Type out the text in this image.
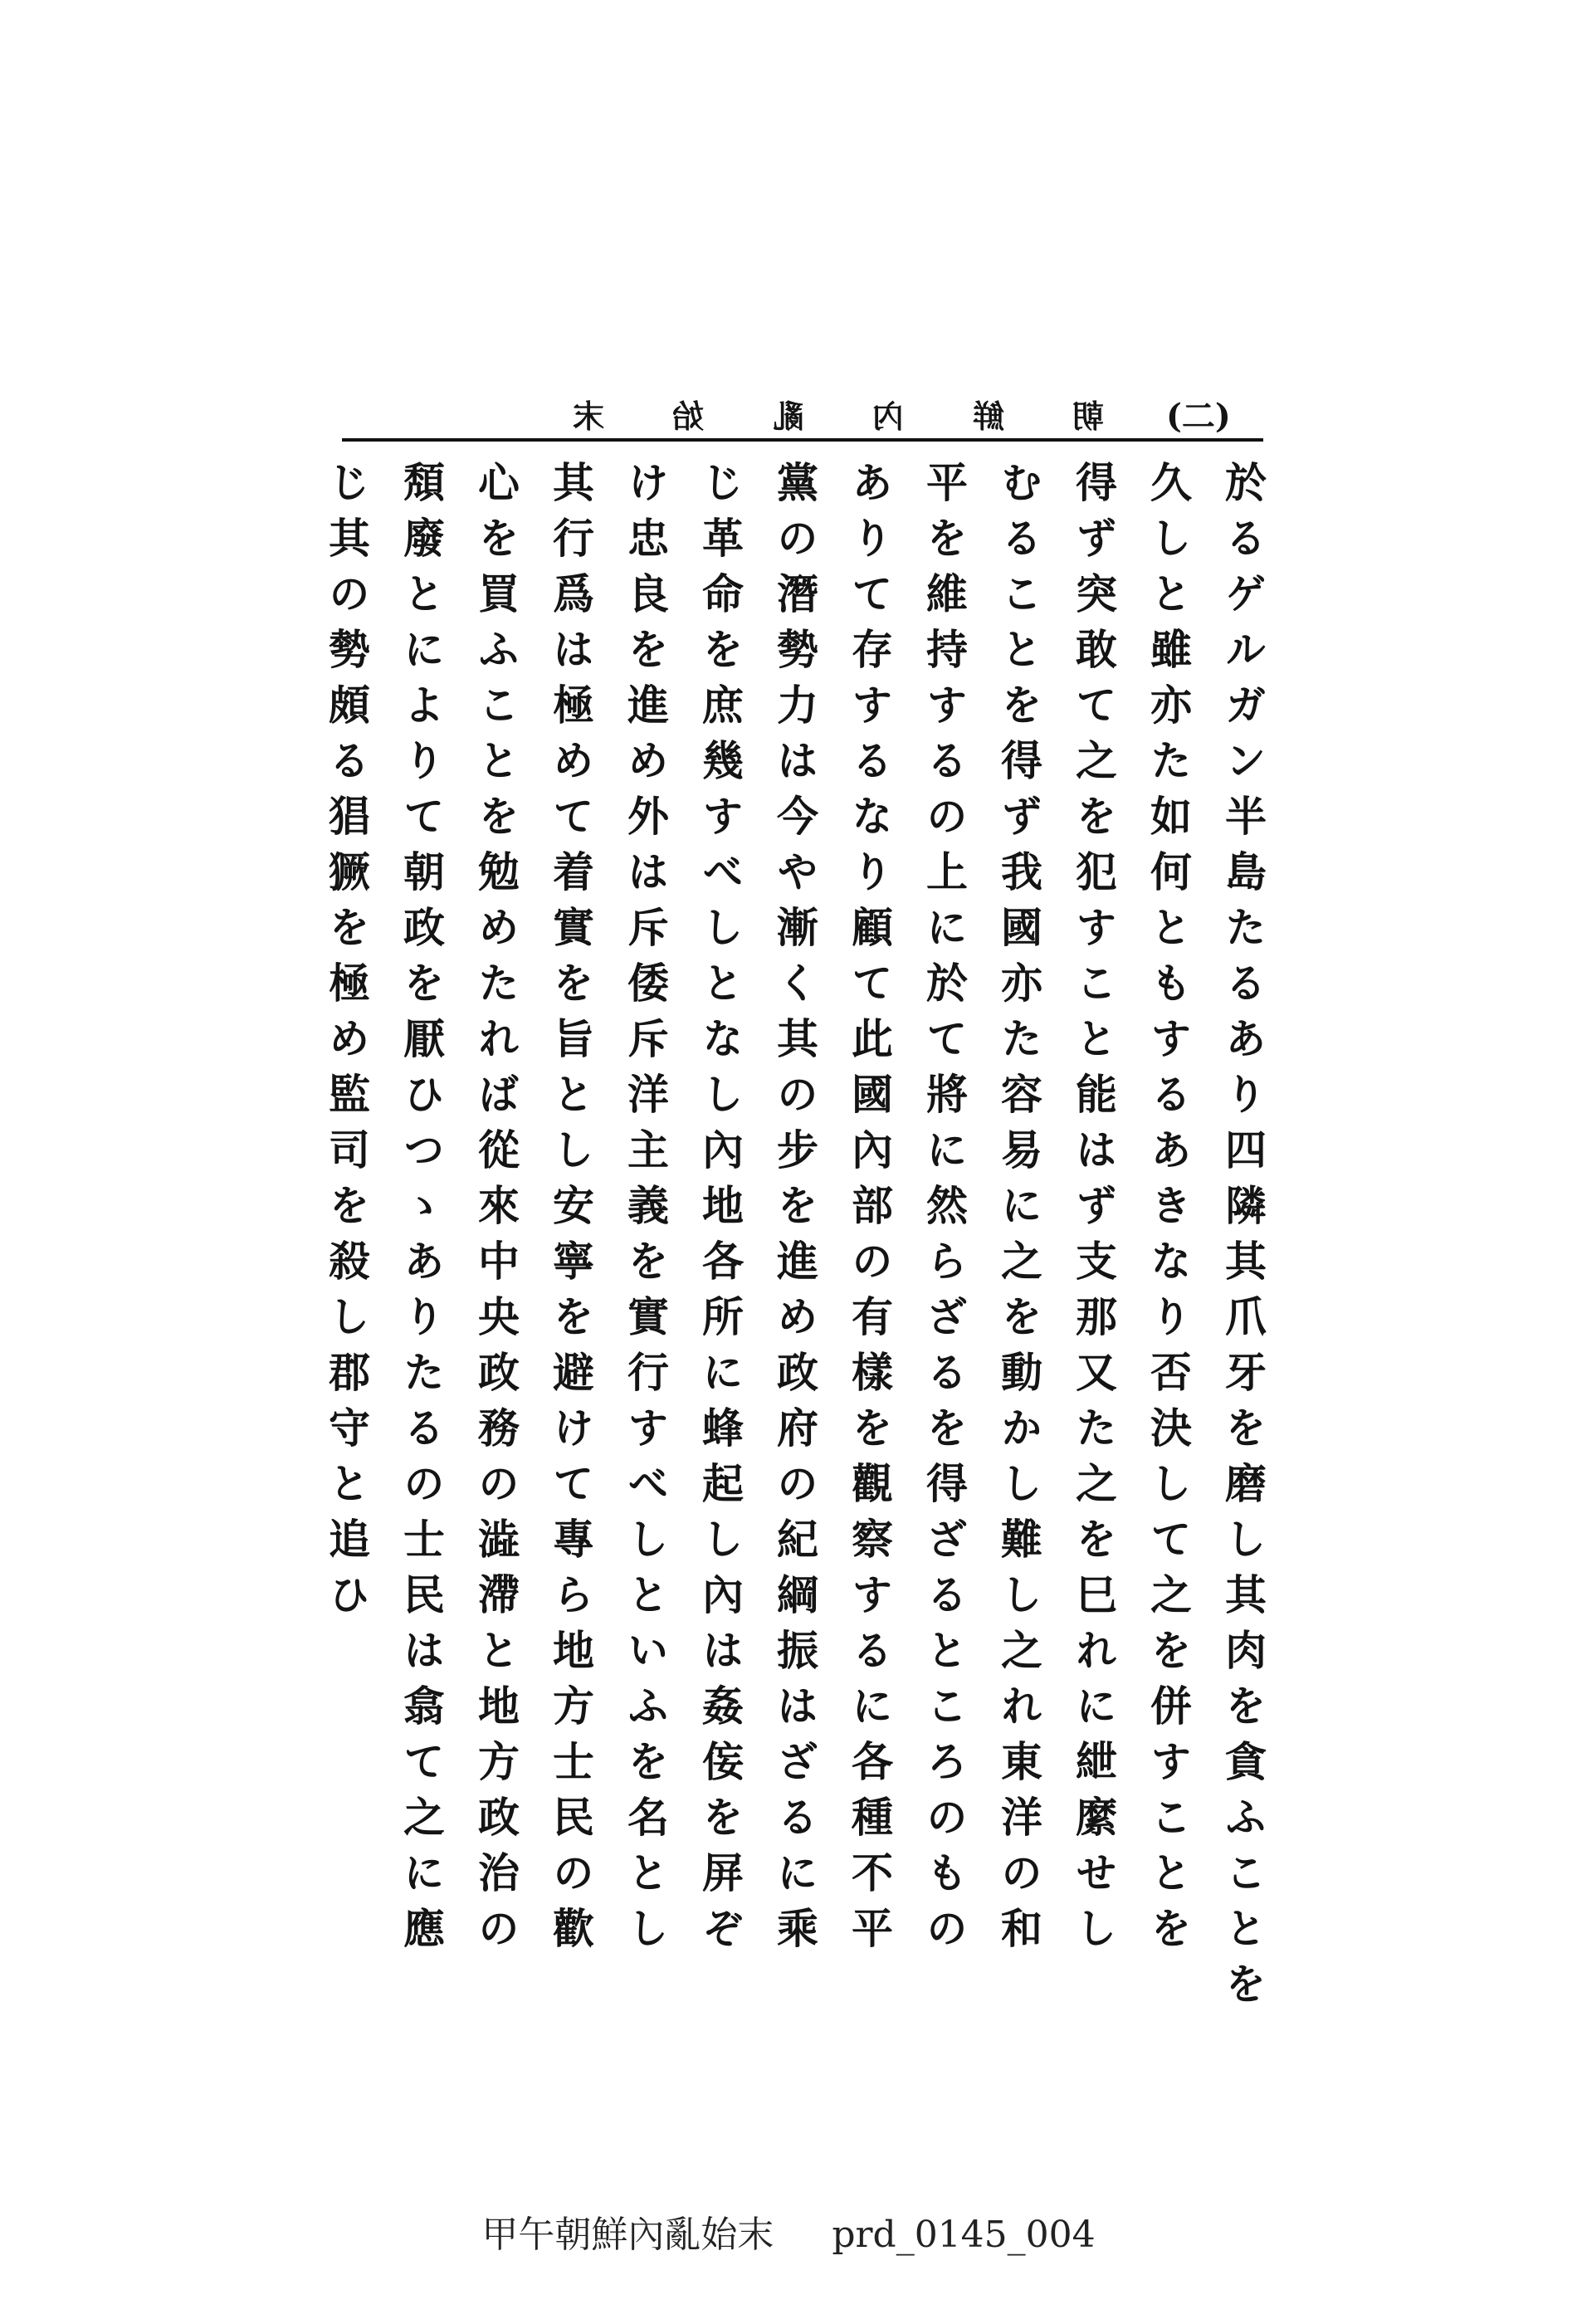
末 始 亂 內 鮮 朝 (二)
於るゲルガン半島たるあり四隣其爪牙を磨し其肉を貪ふことを
久しと雖亦た如何ともするあきなり否決して之を併すことを
得ず突敢て之を犯すこと能はず支那又た之を巳れに紲縻せし
むることを得ず我國亦た容易に之を動かし難し之れ東洋の和
平を維持するの上に於て將に然らざるを得ざるところのもの
ありて存するなり顧て此國內部の有樣を觀察するに各種不平
黨の潛勢力は今や漸く其の步を進め政府の紀綱振はざるに乘
じ革命を庶幾すべしとなし內地各所に蜂起し內は姦侫を屏ぞ
け忠良を進め外は斥倭斥洋主義を實行すべしといふを名とし
其行爲は極めて着實を旨とし安寧を避けて專ら地方士民の歡
心を買ふことを勉めたれば從來中央政務の澁滯と地方政治の
頽廢とによりて朝政を厭ひつゝありたるの士民は翕て之に應
じ其の勢頗る猖獗を極め監司を殺し郡守と追ひ
甲午朝鮮內亂始末 prd_0145_004
